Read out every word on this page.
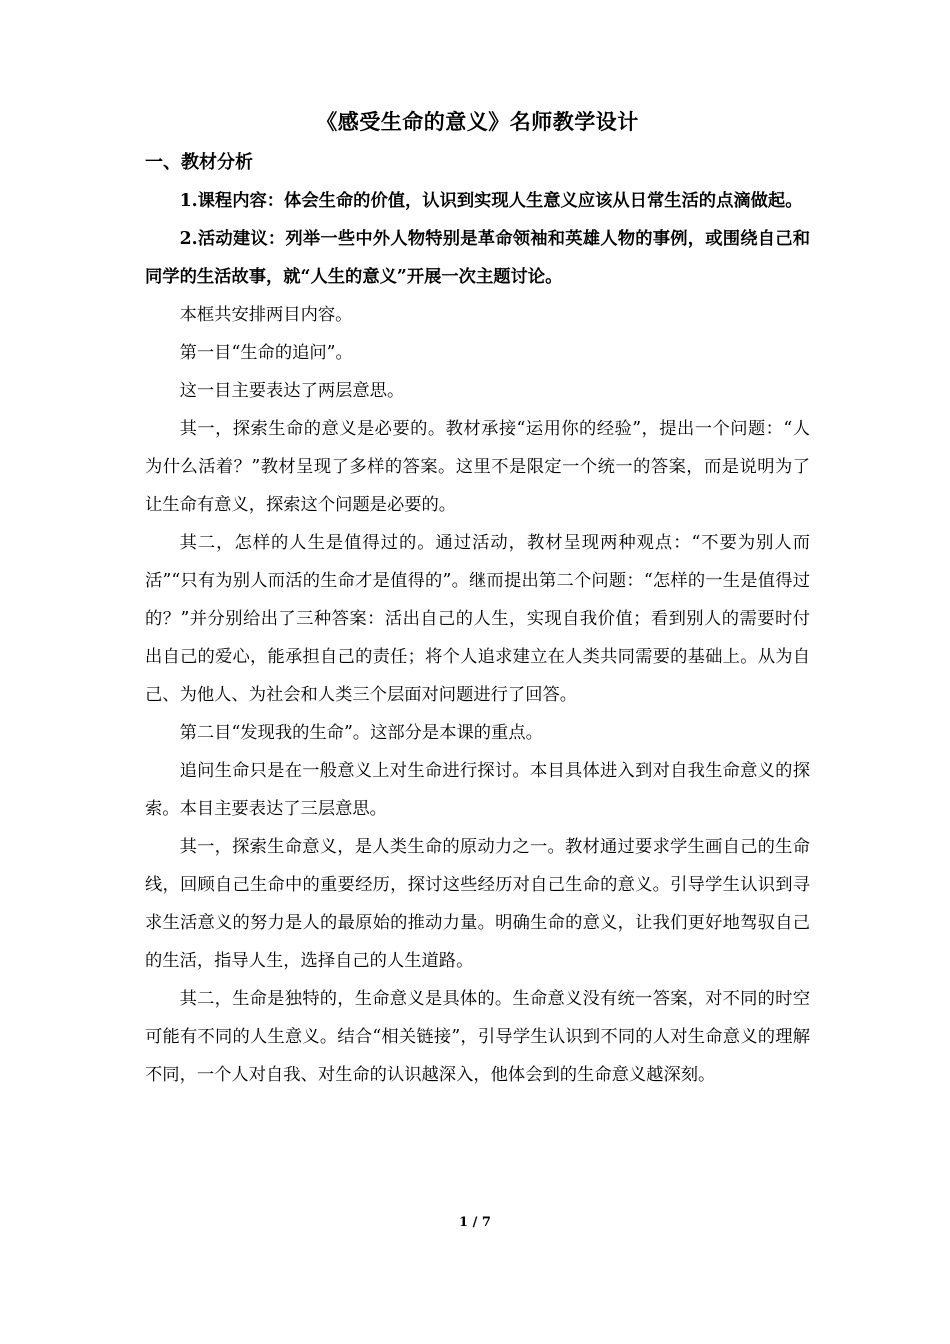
《感受生命的意义》名师教学设计
一、教材分析

1.课程内容：体会生命的价值，认识到实现人生意义应该从日常生活的点滴做起。

2.活动建议：列举一些中外人物特别是革命领袖和英雄人物的事例，或围绕自己和同学的生活故事，就“人生的意义”开展一次主题讨论。

本框共安排两目内容。

第一目“生命的追问”。

这一目主要表达了两层意思。

其一，探索生命的意义是必要的。教材承接“运用你的经验”，提出一个问题：“人为什么活着？”教材呈现了多样的答案。这里不是限定一个统一的答案，而是说明为了让生命有意义，探索这个问题是必要的。

其二，怎样的人生是值得过的。通过活动，教材呈现两种观点：“不要为别人而活”“只有为别人而活的生命才是值得的”。继而提出第二个问题：“怎样的一生是值得过的？”并分别给出了三种答案：活出自己的人生，实现自我价值；看到别人的需要时付出自己的爱心，能承担自己的责任；将个人追求建立在人类共同需要的基础上。从为自己、为他人、为社会和人类三个层面对问题进行了回答。

第二目“发现我的生命”。这部分是本课的重点。

追问生命只是在一般意义上对生命进行探讨。本目具体进入到对自我生命意义的探索。本目主要表达了三层意思。

其一，探索生命意义，是人类生命的原动力之一。教材通过要求学生画自己的生命线，回顾自己生命中的重要经历，探讨这些经历对自己生命的意义。引导学生认识到寻求生活意义的努力是人的最原始的推动力量。明确生命的意义，让我们更好地驾驭自己的生活，指导人生，选择自己的人生道路。

其二，生命是独特的，生命意义是具体的。生命意义没有统一答案，对不同的时空可能有不同的人生意义。结合“相关链接”，引导学生认识到不同的人对生命意义的理解不同，一个人对自我、对生命的认识越深入，他体会到的生命意义越深刻。

1 / 7
